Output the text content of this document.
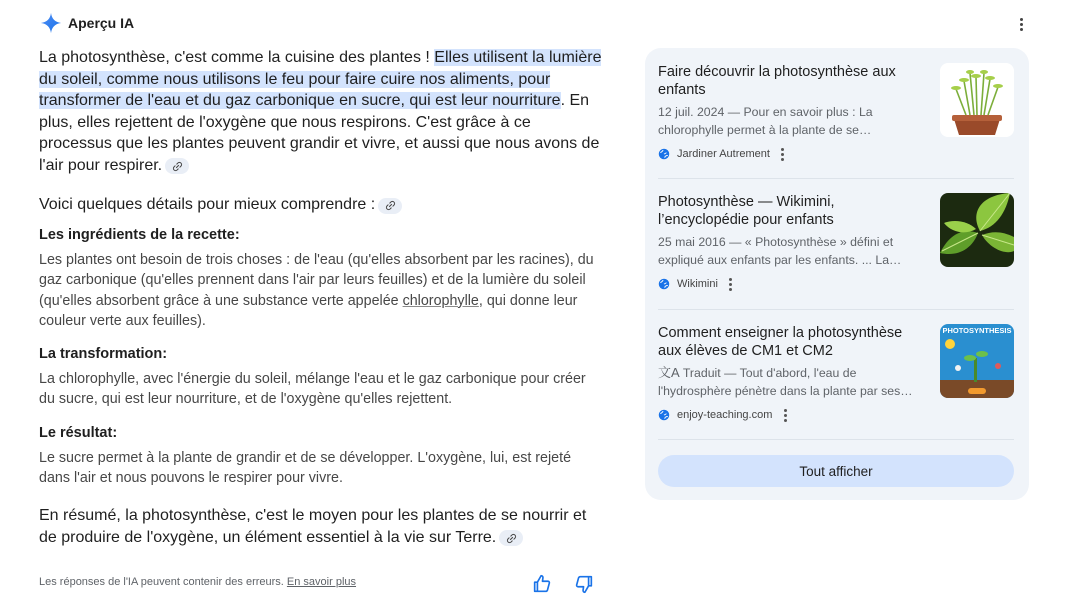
Aperçu IA

La photosynthèse, c'est comme la cuisine des plantes ! Elles utilisent la lumière du soleil, comme nous utilisons le feu pour faire cuire nos aliments, pour transformer de l'eau et du gaz carbonique en sucre, qui est leur nourriture. En plus, elles rejettent de l'oxygène que nous respirons. C'est grâce à ce processus que les plantes peuvent grandir et vivre, et aussi que nous avons de l'air pour respirer.

Voici quelques détails pour mieux comprendre :

Les ingrédients de la recette:

Les plantes ont besoin de trois choses : de l'eau (qu'elles absorbent par les racines), du gaz carbonique (qu'elles prennent dans l'air par leurs feuilles) et de la lumière du soleil (qu'elles absorbent grâce à une substance verte appelée chlorophylle, qui donne leur couleur verte aux feuilles).

La transformation:

La chlorophylle, avec l'énergie du soleil, mélange l'eau et le gaz carbonique pour créer du sucre, qui est leur nourriture, et de l'oxygène qu'elles rejettent.

Le résultat:

Le sucre permet à la plante de grandir et de se développer. L'oxygène, lui, est rejeté dans l'air et nous pouvons le respirer pour vivre.

En résumé, la photosynthèse, c'est le moyen pour les plantes de se nourrir et de produire de l'oxygène, un élément essentiel à la vie sur Terre.

Les réponses de l'IA peuvent contenir des erreurs. En savoir plus
Faire découvrir la photosynthèse aux enfants
12 juil. 2024 — Pour en savoir plus : La chlorophylle permet à la plante de se…
Jardiner Autrement
Photosynthèse — Wikimini, l’encyclopédie pour enfants
25 mai 2016 — « Photosynthèse » défini et expliqué aux enfants par les enfants. ... La…
Wikimini
Comment enseigner la photosynthèse aux élèves de CM1 et CM2
文A Traduit — Tout d'abord, l'eau de l'hydrosphère pénètre dans la plante par ses…
enjoy-teaching.com
PHOTOSYNTHESIS
Tout afficher
